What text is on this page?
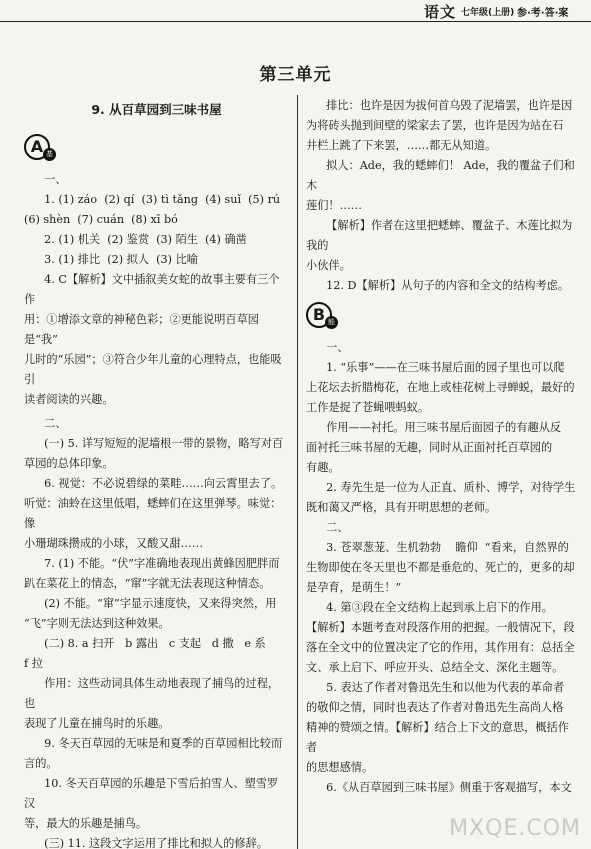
语文 七年级(上册) 参·考·答·案
第三单元
9. 从百草园到三味书屋
A 基
一、
1. (1) záo  (2) qí  (3) tì tǎng  (4) suǐ  (5) rú
(6) shèn  (7) cuán  (8) xī bó
2. (1) 机关  (2) 鉴赏  (3) 陌生  (4) 确凿
3. (1) 排比  (2) 拟人  (3) 比喻
4. C【解析】文中插叙美女蛇的故事主要有三个作
用：①增添文章的神秘色彩；②更能说明百草园是“我”
儿时的“乐园”；③符合少年儿童的心理特点，也能吸引
读者阅读的兴趣。
二、
(一) 5. 详写短短的泥墙根一带的景物，略写对百
草园的总体印象。
6. 视觉：不必说碧绿的菜畦……向云霄里去了。
听觉：油蛉在这里低唱，蟋蟀们在这里弹琴。味觉：像
小珊瑚珠攒成的小球，又酸又甜……
7. (1) 不能。“伏”字准确地表现出黄蜂因肥胖而
趴在菜花上的情态，“窜”字就无法表现这种情态。
(2) 不能。“窜”字显示速度快，又来得突然，用
“飞”字则无法达到这种效果。
(二) 8. a 扫开   b 露出   c 支起   d 撒   e 系
f 拉
作用：这些动词具体生动地表现了捕鸟的过程，也
表现了儿童在捕鸟时的乐趣。
9. 冬天百草园的无味是和夏季的百草园相比较而
言的。
10. 冬天百草园的乐趣是下雪后拍雪人、塑雪罗汉
等，最大的乐趣是捕鸟。
(三) 11. 这段文字运用了排比和拟人的修辞。
排比：也许是因为拔何首乌毁了泥墙罢，也许是因
为将砖头抛到间壁的梁家去了罢，也许是因为站在石
井栏上跳了下来罢，……都无从知道。
拟人：Ade，我的蟋蟀们！ Ade，我的覆盆子们和木
莲们！……
【解析】作者在这里把蟋蟀、覆盆子、木莲比拟为我的
小伙伴。
12. D【解析】从句子的内容和全文的结构考虑。
B 能
一、
1. “乐事”——在三味书屋后面的园子里也可以爬
上花坛去折腊梅花，在地上或桂花树上寻蝉蜕，最好的
工作是捉了苍蝇喂蚂蚁。
作用——衬托。用三味书屋后面园子的有趣从反
面衬托三味书屋的无趣，同时从正面衬托百草园的
有趣。
2. 寿先生是一位为人正直、质朴、博学，对待学生
既和蔼又严格，具有开明思想的老师。
二、
3. 苍翠葱茏、生机勃勃    瞻仰  “看来，自然界的
生物即使在冬天里也不都是垂危的、死亡的，更多的却
是孕育，是萌生！”
4. 第③段在全文结构上起到承上启下的作用。
【解析】本题考查对段落作用的把握。一般情况下，段
落在全文中的位置决定了它的作用，其作用有：总括全
文、承上启下、呼应开头、总结全文、深化主题等。
5. 表达了作者对鲁迅先生和以他为代表的革命者
的敬仰之情，同时也表达了作者对鲁迅先生高尚人格
精神的赞颂之情。【解析】结合上下文的意思，概括作者
的思想感情。
6.《从百草园到三味书屋》侧重于客观描写，本文
MXQE.COM
